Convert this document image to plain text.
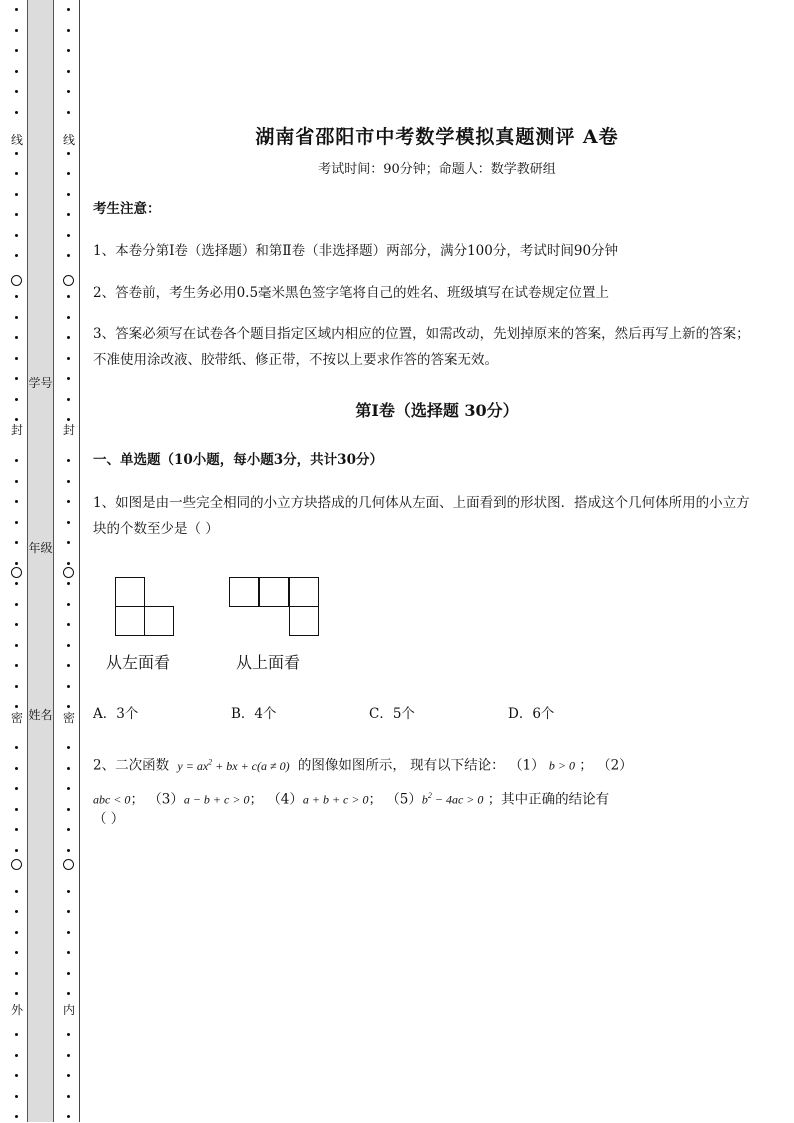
线
封
密
外
学号
年级
姓名
线
封
密
内
湖南省邵阳市中考数学模拟真题测评 A卷
考试时间：90分钟；命题人：数学教研组
考生注意：
1、本卷分第I卷（选择题）和第Ⅱ卷（非选择题）两部分，满分100分，考试时间90分钟
2、答卷前，考生务必用0.5毫米黑色签字笔将自己的姓名、班级填写在试卷规定位置上
3、答案必须写在试卷各个题目指定区域内相应的位置，如需改动，先划掉原来的答案，然后再写上新的答案；不准使用涂改液、胶带纸、修正带，不按以上要求作答的答案无效。
第I卷（选择题 30分）
一、单选题（10小题，每小题3分，共计30分）
1、如图是由一些完全相同的小立方块搭成的几何体从左面、上面看到的形状图．搭成这个几何体所用的小立方块的个数至少是（ ）
从左面看	从上面看
A．3个	B．4个	C．5个	D．6个
2、二次函数 $y = ax^2$ + bx + c(a ≠ 0) 的图像如图所示， 现有以下结论： （1） b > 0 ； （2）
abc < 0； （3）a − b + c > 0； （4）a + b + c > 0； $(5)b^2 - 4ac > 0$ ；其中正确的结论有
（ ）
